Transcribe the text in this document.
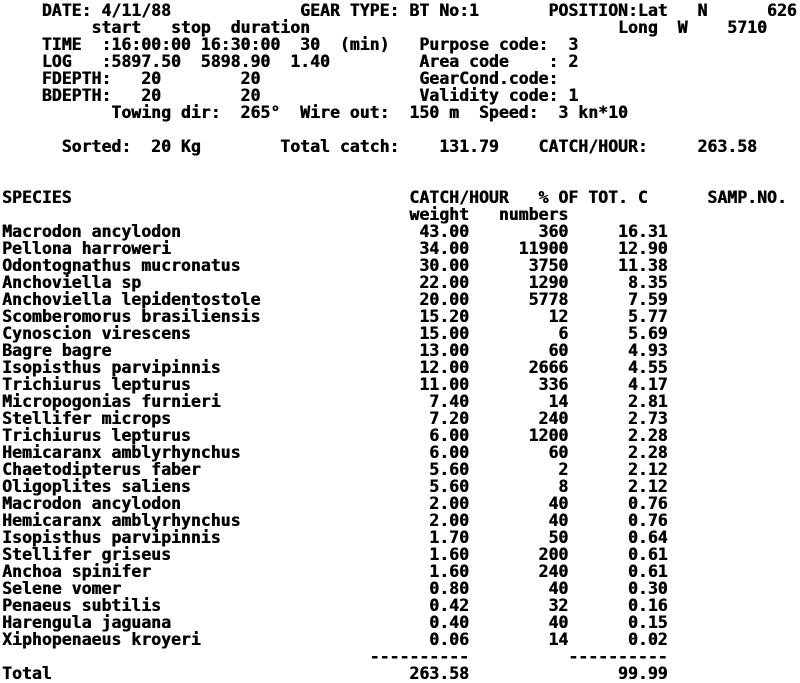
DATE: 4/11/88             GEAR TYPE: BT No:1       POSITION:Lat   N      626
start   stop  duration                               Long  W    5710
TIME  :16:00:00 16:30:00  30  (min)   Purpose code:  3
LOG   :5897.50  5898.90  1.40         Area code    : 2
FDEPTH:   20        20                GearCond.code:
BDEPTH:   20        20                Validity code: 1
Towing dir:  265°  Wire out:  150 m  Speed:  3 kn*10

Sorted:  20 Kg        Total catch:    131.79    CATCH/HOUR:     263.58

SPECIES                                  CATCH/HOUR   % OF TOT. C      SAMP.NO.
weight   numbers
Macrodon ancylodon                        43.00       360     16.31
Pellona harroweri                         34.00     11900     12.90
Odontognathus mucronatus                  30.00      3750     11.38
Anchoviella sp                            22.00      1290      8.35
Anchoviella lepidentostole                20.00      5778      7.59
Scomberomorus brasiliensis                15.20        12      5.77
Cynoscion virescens                       15.00         6      5.69
Bagre bagre                               13.00        60      4.93
Isopisthus parvipinnis                    12.00      2666      4.55
Trichiurus lepturus                       11.00       336      4.17
Micropogonias furnieri                     7.40        14      2.81
Stellifer microps                          7.20       240      2.73
Trichiurus lepturus                        6.00      1200      2.28
Hemicaranx amblyrhynchus                   6.00        60      2.28
Chaetodipterus faber                       5.60         2      2.12
Oligoplites saliens                        5.60         8      2.12
Macrodon ancylodon                         2.00        40      0.76
Hemicaranx amblyrhynchus                   2.00        40      0.76
Isopisthus parvipinnis                     1.70        50      0.64
Stellifer griseus                          1.60       200      0.61
Anchoa spinifer                            1.60       240      0.61
Selene vomer                               0.80        40      0.30
Penaeus subtilis                           0.42        32      0.16
Harengula jaguana                          0.40        40      0.15
Xiphopenaeus kroyeri                       0.06        14      0.02
----------          ----------
Total                                    263.58               99.99
